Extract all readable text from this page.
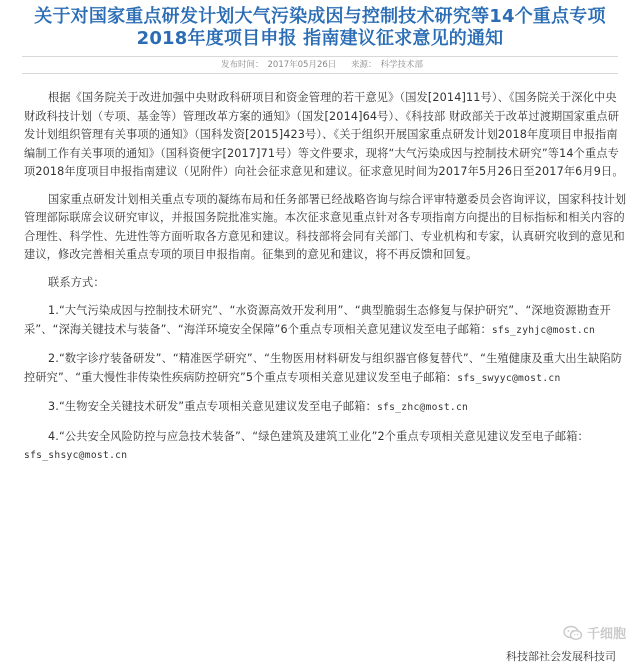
关于对国家重点研发计划大气污染成因与控制技术研究等14个重点专项
2018年度项目申报 指南建议征求意见的通知
发布时间： 2017年05月26日 来源： 科学技术部

根据《国务院关于改进加强中央财政科研项目和资金管理的若干意见》（国发[2014]11号）、《国务院关于深化中央财政科技计划（专项、基金等）管理改革方案的通知》（国发[2014]64号）、《科技部 财政部关于改革过渡期国家重点研发计划组织管理有关事项的通知》（国科发资[2015]423号）、《关于组织开展国家重点研发计划2018年度项目申报指南编制工作有关事项的通知》（国科资便字[2017]71号）等文件要求，现将“大气污染成因与控制技术研究”等14个重点专项2018年度项目申报指南建议（见附件）向社会征求意见和建议。征求意见时间为2017年5月26日至2017年6月9日。

国家重点研发计划相关重点专项的凝练布局和任务部署已经战略咨询与综合评审特邀委员会咨询评议，国家科技计划管理部际联席会议研究审议，并报国务院批准实施。本次征求意见重点针对各专项指南方向提出的目标指标和相关内容的合理性、科学性、先进性等方面听取各方意见和建议。科技部将会同有关部门、专业机构和专家，认真研究收到的意见和建议，修改完善相关重点专项的项目申报指南。征集到的意见和建议，将不再反馈和回复。

联系方式：

1.“大气污染成因与控制技术研究”、“水资源高效开发利用”、“典型脆弱生态修复与保护研究”、“深地资源勘查开采”、“深海关键技术与装备”、“海洋环境安全保障”6个重点专项相关意见建议发至电子邮箱：sfs_zyhjc@most.cn

2.“数字诊疗装备研发”、“精准医学研究”、“生物医用材料研发与组织器官修复替代”、“生殖健康及重大出生缺陷防控研究”、“重大慢性非传染性疾病防控研究”5个重点专项相关意见建议发至电子邮箱：sfs_swyyc@most.cn

3.“生物安全关键技术研发”重点专项相关意见建议发至电子邮箱：sfs_zhc@most.cn

4.“公共安全风险防控与应急技术装备”、“绿色建筑及建筑工业化”2个重点专项相关意见建议发至电子邮箱：sfs_shsyc@most.cn

千细胞
科技部社会发展科技司
